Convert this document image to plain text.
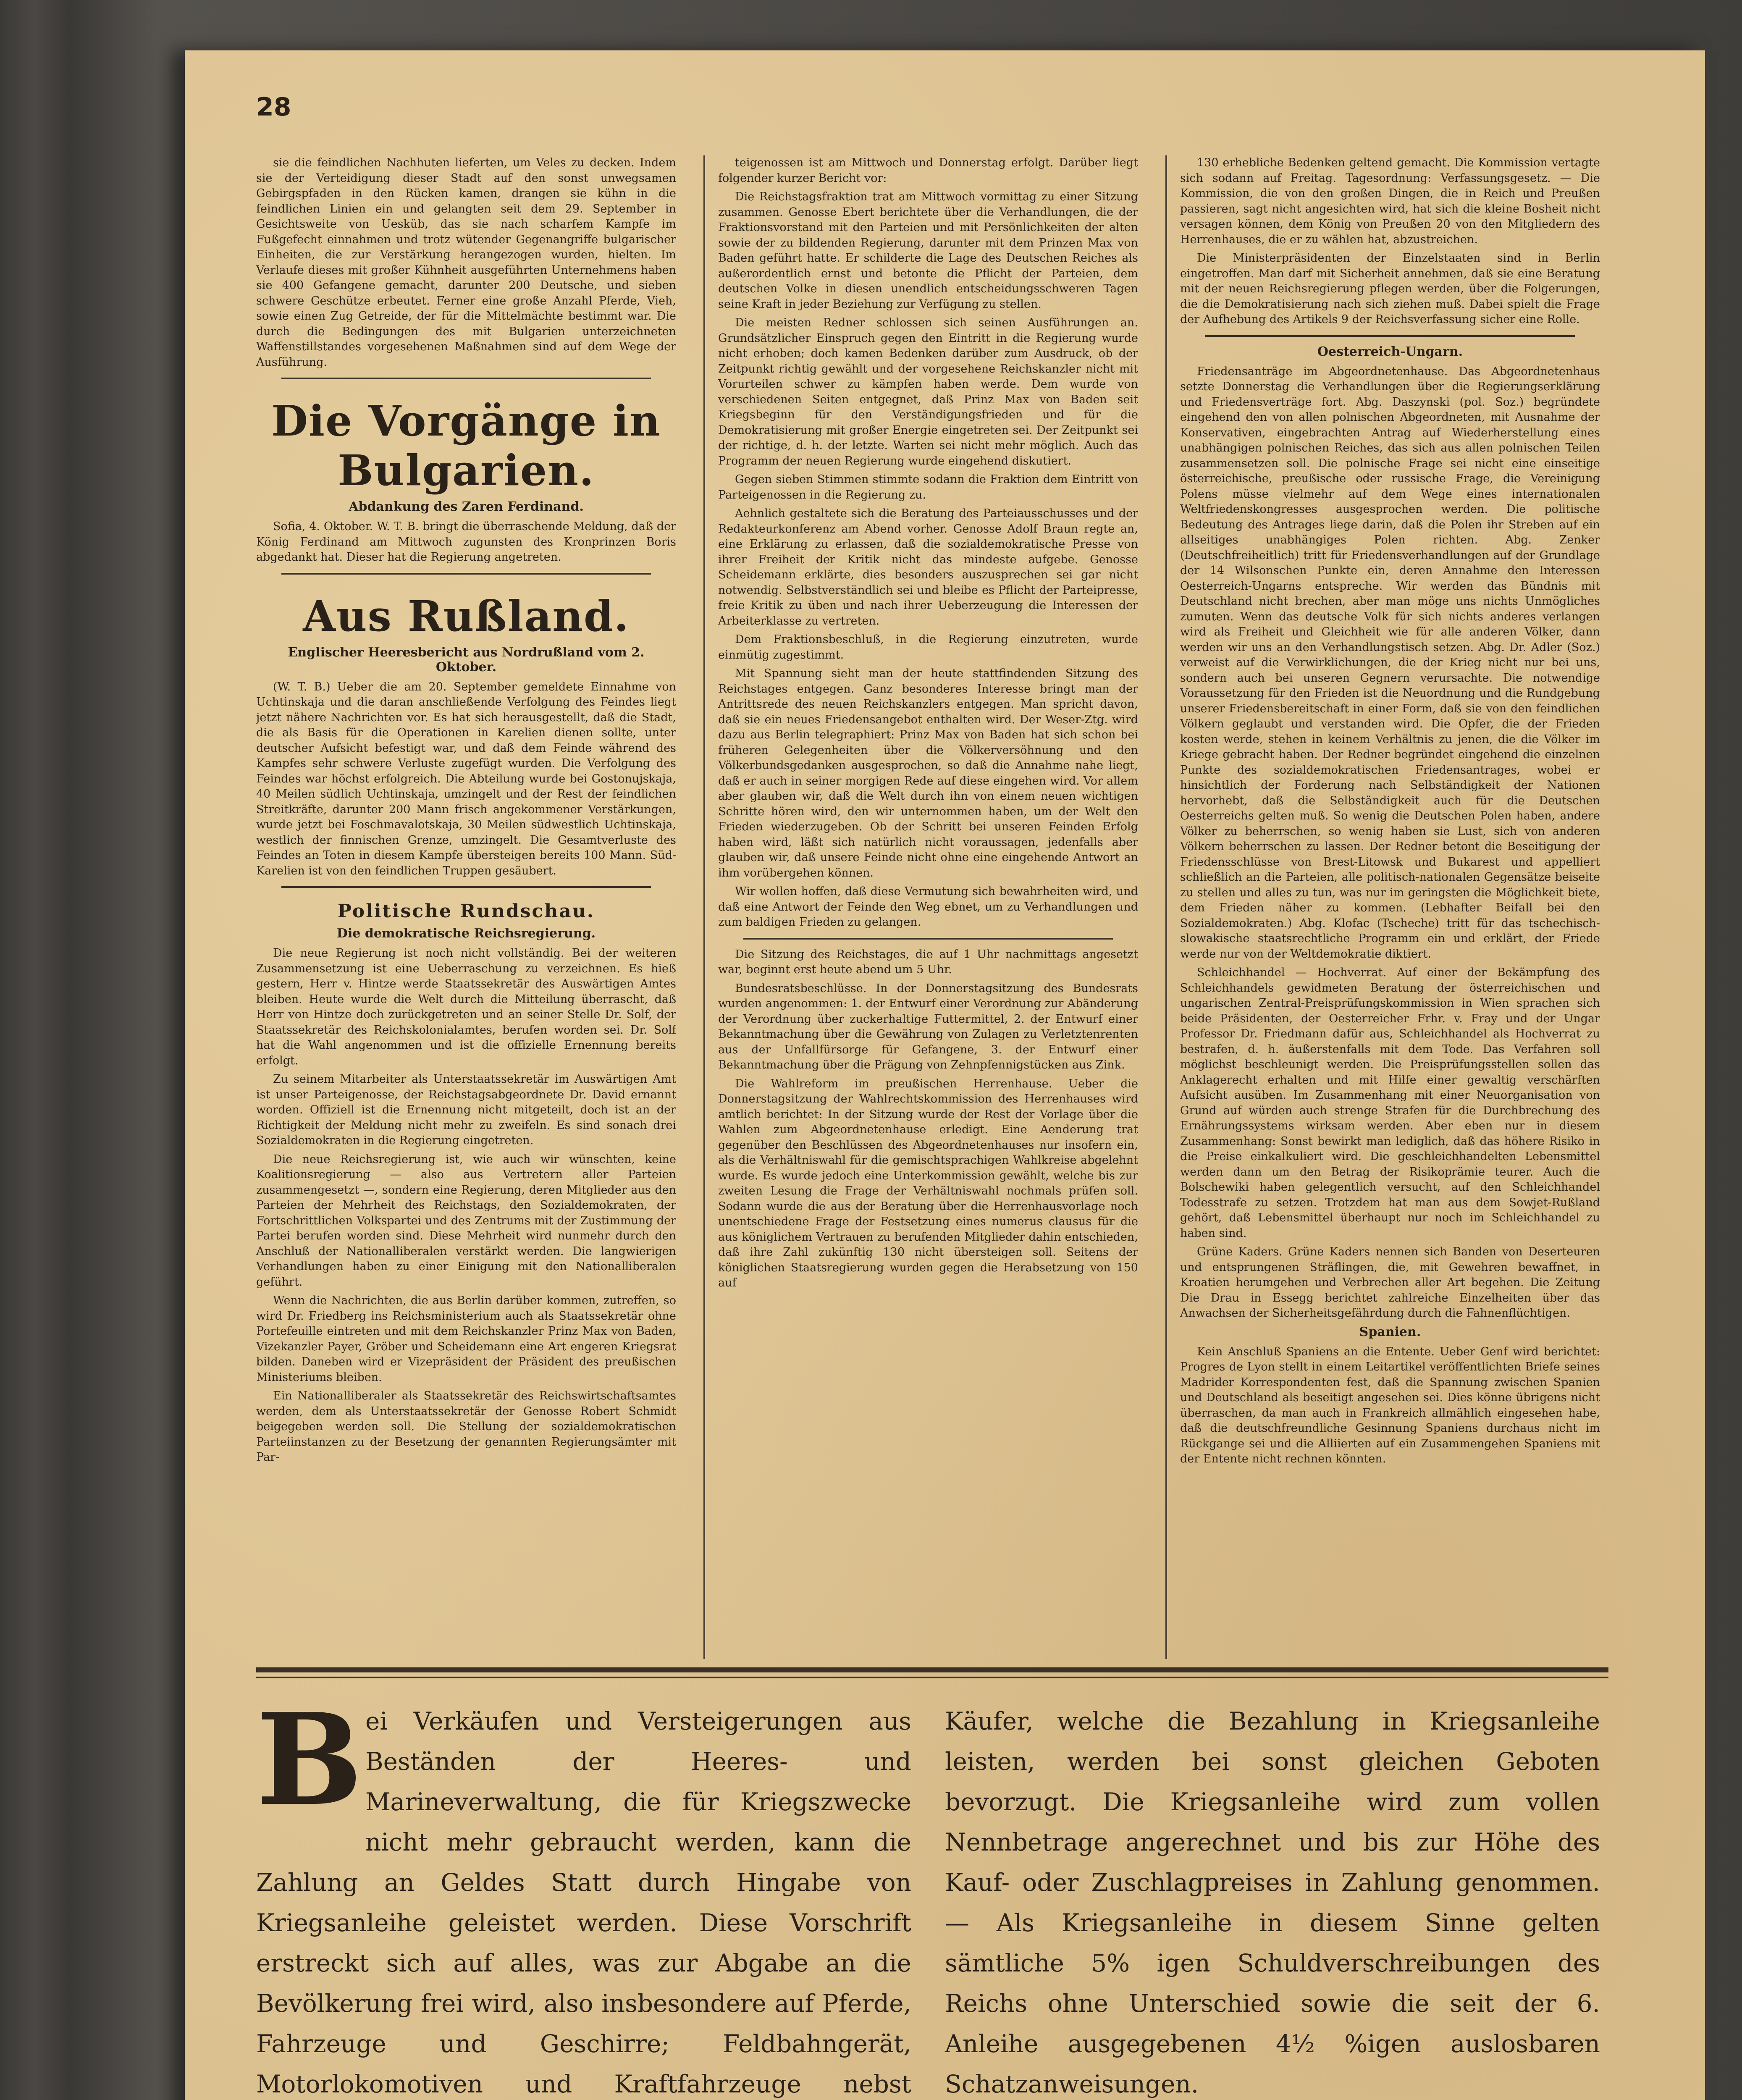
28

sie die feindlichen Nachhuten lieferten, um Veles zu decken. Indem sie der Verteidigung dieser Stadt auf den sonst unwegsamen Gebirgspfaden in den Rücken kamen, drangen sie kühn in die feindlichen Linien ein und gelangten seit dem 29. September in Gesichtsweite von Uesküb, das sie nach scharfem Kampfe im Fußgefecht einnahmen und trotz wütender Gegenangriffe bulgarischer Einheiten, die zur Verstärkung herangezogen wurden, hielten. Im Verlaufe dieses mit großer Kühnheit ausgeführten Unternehmens haben sie 400 Gefangene gemacht, darunter 200 Deutsche, und sieben schwere Geschütze erbeutet. Ferner eine große Anzahl Pferde, Vieh, sowie einen Zug Getreide, der für die Mittelmächte bestimmt war. Die durch die Bedingungen des mit Bulgarien unterzeichneten Waffenstillstandes vorgesehenen Maßnahmen sind auf dem Wege der Ausführung.

Die Vorgänge in Bulgarien.
Abdankung des Zaren Ferdinand.

Sofia, 4. Oktober. W. T. B. bringt die überraschende Meldung, daß der König Ferdinand am Mittwoch zugunsten des Kronprinzen Boris abgedankt hat. Dieser hat die Regierung angetreten.

Aus Rußland.
Englischer Heeresbericht aus Nordrußland vom 2. Oktober.

(W. T. B.) Ueber die am 20. September gemeldete Einnahme von Uchtinskaja und die daran anschließende Verfolgung des Feindes liegt jetzt nähere Nachrichten vor. Es hat sich herausgestellt, daß die Stadt, die als Basis für die Operationen in Karelien dienen sollte, unter deutscher Aufsicht befestigt war, und daß dem Feinde während des Kampfes sehr schwere Verluste zugefügt wurden. Die Verfolgung des Feindes war höchst erfolgreich. Die Abteilung wurde bei Gostonujskaja, 40 Meilen südlich Uchtinskaja, umzingelt und der Rest der feindlichen Streitkräfte, darunter 200 Mann frisch angekommener Verstärkungen, wurde jetzt bei Foschmavalotskaja, 30 Meilen südwestlich Uchtinskaja, westlich der finnischen Grenze, umzingelt. Die Gesamtverluste des Feindes an Toten in diesem Kampfe übersteigen bereits 100 Mann. Süd-Karelien ist von den feindlichen Truppen gesäubert.

Politische Rundschau.
Die demokratische Reichsregierung.

Die neue Regierung ist noch nicht vollständig. Bei der weiteren Zusammensetzung ist eine Ueberraschung zu verzeichnen. Es hieß gestern, Herr v. Hintze werde Staatssekretär des Auswärtigen Amtes bleiben. Heute wurde die Welt durch die Mitteilung überrascht, daß Herr von Hintze doch zurückgetreten und an seiner Stelle Dr. Solf, der Staatssekretär des Reichskolonialamtes, berufen worden sei. Dr. Solf hat die Wahl angenommen und ist die offizielle Ernennung bereits erfolgt.

Zu seinem Mitarbeiter als Unterstaatssekretär im Auswärtigen Amt ist unser Parteigenosse, der Reichstagsabgeordnete Dr. David ernannt worden. Offiziell ist die Ernennung nicht mitgeteilt, doch ist an der Richtigkeit der Meldung nicht mehr zu zweifeln. Es sind sonach drei Sozialdemokraten in die Regierung eingetreten.

Die neue Reichsregierung ist, wie auch wir wünschten, keine Koalitionsregierung — also aus Vertretern aller Parteien zusammengesetzt —, sondern eine Regierung, deren Mitglieder aus den Parteien der Mehrheit des Reichstags, den Sozialdemokraten, der Fortschrittlichen Volkspartei und des Zentrums mit der Zustimmung der Partei berufen worden sind. Diese Mehrheit wird nunmehr durch den Anschluß der Nationalliberalen verstärkt werden. Die langwierigen Verhandlungen haben zu einer Einigung mit den Nationalliberalen geführt.

Wenn die Nachrichten, die aus Berlin darüber kommen, zutreffen, so wird Dr. Friedberg ins Reichsministerium auch als Staatssekretär ohne Portefeuille eintreten und mit dem Reichskanzler Prinz Max von Baden, Vizekanzler Payer, Gröber und Scheidemann eine Art engeren Kriegsrat bilden. Daneben wird er Vizepräsident der Präsident des preußischen Ministeriums bleiben.

Ein Nationalliberaler als Staatssekretär des Reichswirtschaftsamtes werden, dem als Unterstaatssekretär der Genosse Robert Schmidt beigegeben werden soll. Die Stellung der sozialdemokratischen Parteiinstanzen zu der Besetzung der genannten Regierungsämter mit Par-

teigenossen ist am Mittwoch und Donnerstag erfolgt. Darüber liegt folgender kurzer Bericht vor:

Die Reichstagsfraktion trat am Mittwoch vormittag zu einer Sitzung zusammen. Genosse Ebert berichtete über die Verhandlungen, die der Fraktionsvorstand mit den Parteien und mit Persönlichkeiten der alten sowie der zu bildenden Regierung, darunter mit dem Prinzen Max von Baden geführt hatte. Er schilderte die Lage des Deutschen Reiches als außerordentlich ernst und betonte die Pflicht der Parteien, dem deutschen Volke in diesen unendlich entscheidungsschweren Tagen seine Kraft in jeder Beziehung zur Verfügung zu stellen.

Die meisten Redner schlossen sich seinen Ausführungen an. Grundsätzlicher Einspruch gegen den Eintritt in die Regierung wurde nicht erhoben; doch kamen Bedenken darüber zum Ausdruck, ob der Zeitpunkt richtig gewählt und der vorgesehene Reichskanzler nicht mit Vorurteilen schwer zu kämpfen haben werde. Dem wurde von verschiedenen Seiten entgegnet, daß Prinz Max von Baden seit Kriegsbeginn für den Verständigungsfrieden und für die Demokratisierung mit großer Energie eingetreten sei. Der Zeitpunkt sei der richtige, d. h. der letzte. Warten sei nicht mehr möglich. Auch das Programm der neuen Regierung wurde eingehend diskutiert.

Gegen sieben Stimmen stimmte sodann die Fraktion dem Eintritt von Parteigenossen in die Regierung zu.

Aehnlich gestaltete sich die Beratung des Parteiausschusses und der Redakteurkonferenz am Abend vorher. Genosse Adolf Braun regte an, eine Erklärung zu erlassen, daß die sozialdemokratische Presse von ihrer Freiheit der Kritik nicht das mindeste aufgebe. Genosse Scheidemann erklärte, dies besonders auszusprechen sei gar nicht notwendig. Selbstverständlich sei und bleibe es Pflicht der Parteipresse, freie Kritik zu üben und nach ihrer Ueberzeugung die Interessen der Arbeiterklasse zu vertreten.

Dem Fraktionsbeschluß, in die Regierung einzutreten, wurde einmütig zugestimmt.

Mit Spannung sieht man der heute stattfindenden Sitzung des Reichstages entgegen. Ganz besonderes Interesse bringt man der Antrittsrede des neuen Reichskanzlers entgegen. Man spricht davon, daß sie ein neues Friedensangebot enthalten wird. Der Weser-Ztg. wird dazu aus Berlin telegraphiert: Prinz Max von Baden hat sich schon bei früheren Gelegenheiten über die Völkerversöhnung und den Völkerbundsgedanken ausgesprochen, so daß die Annahme nahe liegt, daß er auch in seiner morgigen Rede auf diese eingehen wird. Vor allem aber glauben wir, daß die Welt durch ihn von einem neuen wichtigen Schritte hören wird, den wir unternommen haben, um der Welt den Frieden wiederzugeben. Ob der Schritt bei unseren Feinden Erfolg haben wird, läßt sich natürlich nicht voraussagen, jedenfalls aber glauben wir, daß unsere Feinde nicht ohne eine eingehende Antwort an ihm vorübergehen können.

Wir wollen hoffen, daß diese Vermutung sich bewahrheiten wird, und daß eine Antwort der Feinde den Weg ebnet, um zu Verhandlungen und zum baldigen Frieden zu gelangen.

Die Sitzung des Reichstages, die auf 1 Uhr nachmittags angesetzt war, beginnt erst heute abend um 5 Uhr.

Bundesratsbeschlüsse. In der Donnerstagsitzung des Bundesrats wurden angenommen: 1. der Entwurf einer Verordnung zur Abänderung der Verordnung über zuckerhaltige Futtermittel, 2. der Entwurf einer Bekanntmachung über die Gewährung von Zulagen zu Verletztenrenten aus der Unfallfürsorge für Gefangene, 3. der Entwurf einer Bekanntmachung über die Prägung von Zehnpfennigstücken aus Zink.

Die Wahlreform im preußischen Herrenhause. Ueber die Donnerstagsitzung der Wahlrechtskommission des Herrenhauses wird amtlich berichtet: In der Sitzung wurde der Rest der Vorlage über die Wahlen zum Abgeordnetenhause erledigt. Eine Aenderung trat gegenüber den Beschlüssen des Abgeordnetenhauses nur insofern ein, als die Verhältniswahl für die gemischtsprachigen Wahlkreise abgelehnt wurde. Es wurde jedoch eine Unterkommission gewählt, welche bis zur zweiten Lesung die Frage der Verhältniswahl nochmals prüfen soll. Sodann wurde die aus der Beratung über die Herrenhausvorlage noch unentschiedene Frage der Festsetzung eines numerus clausus für die aus königlichem Vertrauen zu berufenden Mitglieder dahin entschieden, daß ihre Zahl zukünftig 130 nicht übersteigen soll. Seitens der königlichen Staatsregierung wurden gegen die Herabsetzung von 150 auf

130 erhebliche Bedenken geltend gemacht. Die Kommission vertagte sich sodann auf Freitag. Tagesordnung: Verfassungsgesetz. — Die Kommission, die von den großen Dingen, die in Reich und Preußen passieren, sagt nicht angesichten wird, hat sich die kleine Bosheit nicht versagen können, dem König von Preußen 20 von den Mitgliedern des Herrenhauses, die er zu wählen hat, abzustreichen.

Die Ministerpräsidenten der Einzelstaaten sind in Berlin eingetroffen. Man darf mit Sicherheit annehmen, daß sie eine Beratung mit der neuen Reichsregierung pflegen werden, über die Folgerungen, die die Demokratisierung nach sich ziehen muß. Dabei spielt die Frage der Aufhebung des Artikels 9 der Reichsverfassung sicher eine Rolle.

Oesterreich-Ungarn.

Friedensanträge im Abgeordnetenhause. Das Abgeordnetenhaus setzte Donnerstag die Verhandlungen über die Regierungserklärung und Friedensverträge fort. Abg. Daszynski (pol. Soz.) begründete eingehend den von allen polnischen Abgeordneten, mit Ausnahme der Konservativen, eingebrachten Antrag auf Wiederherstellung eines unabhängigen polnischen Reiches, das sich aus allen polnischen Teilen zusammensetzen soll. Die polnische Frage sei nicht eine einseitige österreichische, preußische oder russische Frage, die Vereinigung Polens müsse vielmehr auf dem Wege eines internationalen Weltfriedenskongresses ausgesprochen werden. Die politische Bedeutung des Antrages liege darin, daß die Polen ihr Streben auf ein allseitiges unabhängiges Polen richten. Abg. Zenker (Deutschfreiheitlich) tritt für Friedensverhandlungen auf der Grundlage der 14 Wilsonschen Punkte ein, deren Annahme den Interessen Oesterreich-Ungarns entspreche. Wir werden das Bündnis mit Deutschland nicht brechen, aber man möge uns nichts Unmögliches zumuten. Wenn das deutsche Volk für sich nichts anderes verlangen wird als Freiheit und Gleichheit wie für alle anderen Völker, dann werden wir uns an den Verhandlungstisch setzen. Abg. Dr. Adler (Soz.) verweist auf die Verwirklichungen, die der Krieg nicht nur bei uns, sondern auch bei unseren Gegnern verursachte. Die notwendige Voraussetzung für den Frieden ist die Neuordnung und die Rundgebung unserer Friedensbereitschaft in einer Form, daß sie von den feindlichen Völkern geglaubt und verstanden wird. Die Opfer, die der Frieden kosten werde, stehen in keinem Verhältnis zu jenen, die die Völker im Kriege gebracht haben. Der Redner begründet eingehend die einzelnen Punkte des sozialdemokratischen Friedensantrages, wobei er hinsichtlich der Forderung nach Selbständigkeit der Nationen hervorhebt, daß die Selbständigkeit auch für die Deutschen Oesterreichs gelten muß. So wenig die Deutschen Polen haben, andere Völker zu beherrschen, so wenig haben sie Lust, sich von anderen Völkern beherrschen zu lassen. Der Redner betont die Beseitigung der Friedensschlüsse von Brest-Litowsk und Bukarest und appelliert schließlich an die Parteien, alle politisch-nationalen Gegensätze beiseite zu stellen und alles zu tun, was nur im geringsten die Möglichkeit biete, dem Frieden näher zu kommen. (Lebhafter Beifall bei den Sozialdemokraten.) Abg. Klofac (Tscheche) tritt für das tschechisch-slowakische staatsrechtliche Programm ein und erklärt, der Friede werde nur von der Weltdemokratie diktiert.

Schleichhandel — Hochverrat. Auf einer der Bekämpfung des Schleichhandels gewidmeten Beratung der österreichischen und ungarischen Zentral-Preisprüfungskommission in Wien sprachen sich beide Präsidenten, der Oesterreicher Frhr. v. Fray und der Ungar Professor Dr. Friedmann dafür aus, Schleichhandel als Hochverrat zu bestrafen, d. h. äußerstenfalls mit dem Tode. Das Verfahren soll möglichst beschleunigt werden. Die Preisprüfungsstellen sollen das Anklagerecht erhalten und mit Hilfe einer gewaltig verschärften Aufsicht ausüben. Im Zusammenhang mit einer Neuorganisation von Grund auf würden auch strenge Strafen für die Durchbrechung des Ernährungssystems wirksam werden. Aber eben nur in diesem Zusammenhang: Sonst bewirkt man lediglich, daß das höhere Risiko in die Preise einkalkuliert wird. Die geschleichhandelten Lebensmittel werden dann um den Betrag der Risikoprämie teurer. Auch die Bolschewiki haben gelegentlich versucht, auf den Schleichhandel Todesstrafe zu setzen. Trotzdem hat man aus dem Sowjet-Rußland gehört, daß Lebensmittel überhaupt nur noch im Schleichhandel zu haben sind.

Grüne Kaders. Grüne Kaders nennen sich Banden von Deserteuren und entsprungenen Sträflingen, die, mit Gewehren bewaffnet, in Kroatien herumgehen und Verbrechen aller Art begehen. Die Zeitung Die Drau in Essegg berichtet zahlreiche Einzelheiten über das Anwachsen der Sicherheitsgefährdung durch die Fahnenflüchtigen.

Spanien.

Kein Anschluß Spaniens an die Entente. Ueber Genf wird berichtet: Progres de Lyon stellt in einem Leitartikel veröffentlichten Briefe seines Madrider Korrespondenten fest, daß die Spannung zwischen Spanien und Deutschland als beseitigt angesehen sei. Dies könne übrigens nicht überraschen, da man auch in Frankreich allmählich eingesehen habe, daß die deutschfreundliche Gesinnung Spaniens durchaus nicht im Rückgange sei und die Alliierten auf ein Zusammengehen Spaniens mit der Entente nicht rechnen könnten.

Bei Verkäufen und Versteigerungen aus Beständen der Heeres- und Marineverwaltung, die für Kriegszwecke nicht mehr gebraucht werden, kann die Zahlung an Geldes Statt durch Hingabe von Kriegsanleihe geleistet werden. Diese Vorschrift erstreckt sich auf alles, was zur Abgabe an die Bevölkerung frei wird, also insbesondere auf Pferde, Fahrzeuge und Geschirre; Feldbahngerät, Motorlokomotiven und Kraftfahrzeuge nebst

Käufer, welche die Bezahlung in Kriegsanleihe leisten, werden bei sonst gleichen Geboten bevorzugt. Die Kriegsanleihe wird zum vollen Nennbetrage angerechnet und bis zur Höhe des Kauf- oder Zuschlagpreises in Zahlung genommen. — Als Kriegsanleihe in diesem Sinne gelten sämtliche 5% igen Schuldverschreibungen des Reichs ohne Unterschied sowie die seit der 6. Anleihe ausgegebenen 4½ %igen auslosbaren Schatzanweisungen.
